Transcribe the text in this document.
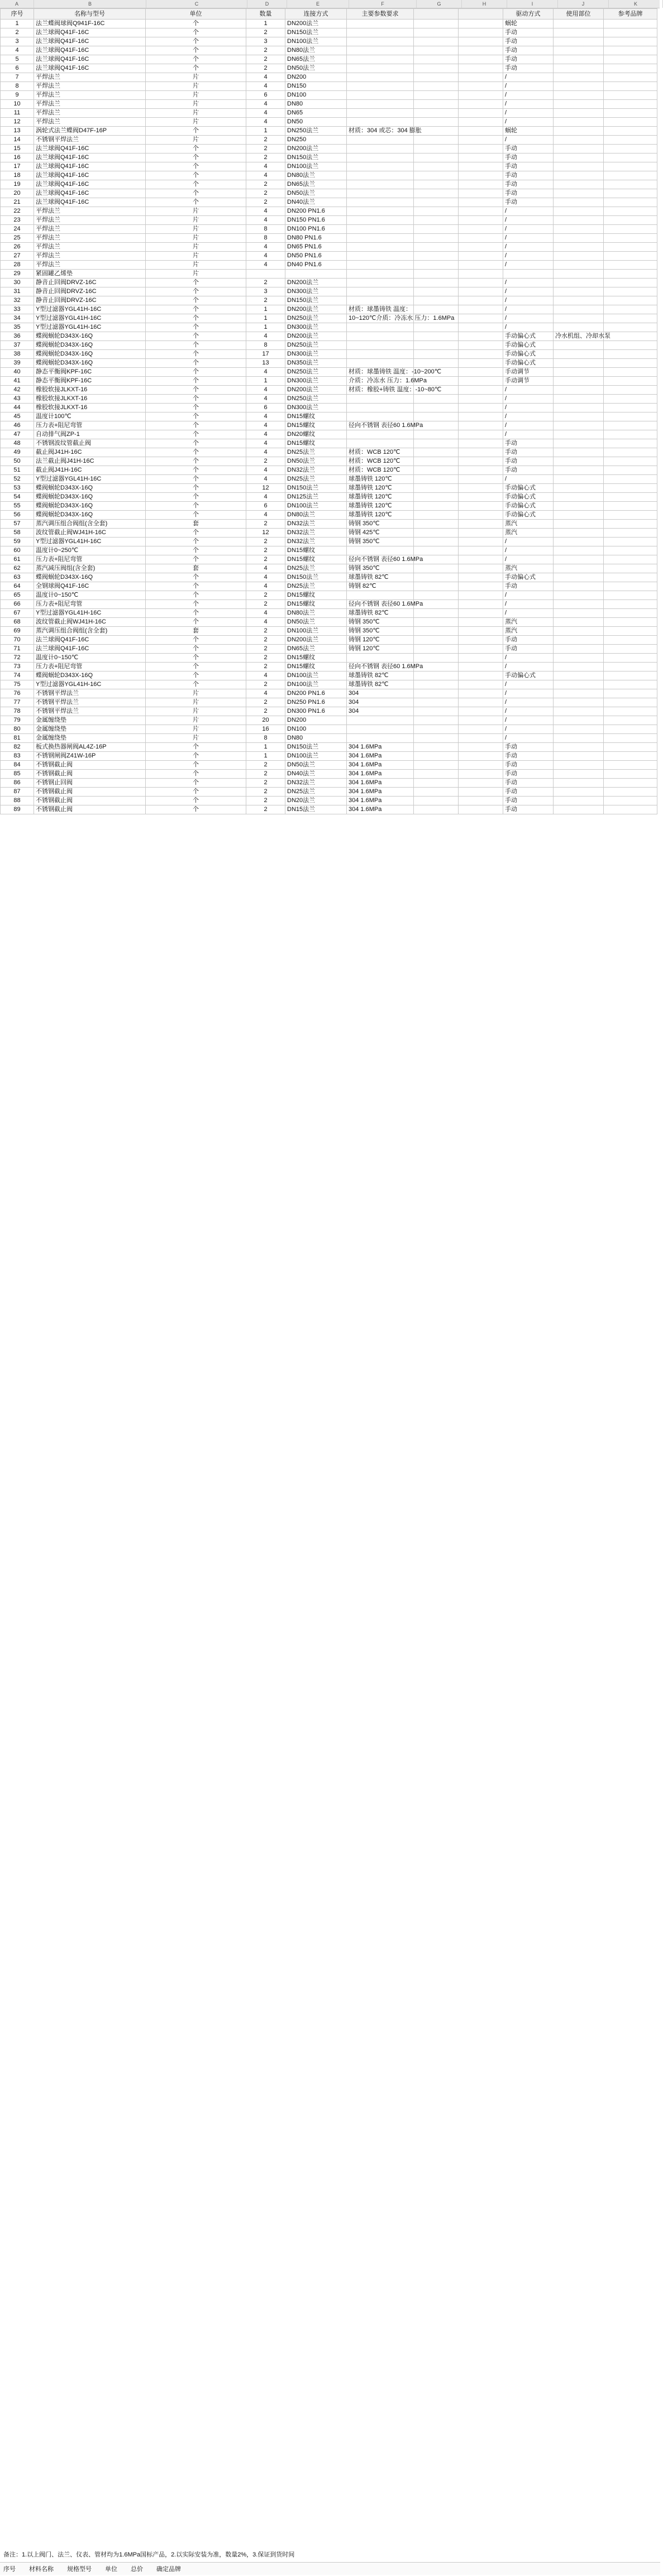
A	B	C	D	E	F	G	H	I	J	K
序号	名称与型号	单位	数量	连接方式	主要参数要求			驱动方式	使用部位	参考品牌
1	法兰蝶阀球阀Q941F-16C	个	1	DN200法兰				蜗轮		
2	法兰球阀Q41F-16C	个	2	DN150法兰				手动		
3	法兰球阀Q41F-16C	个	3	DN100法兰				手动		
4	法兰球阀Q41F-16C	个	2	DN80法兰				手动		
5	法兰球阀Q41F-16C	个	2	DN65法兰				手动		
6	法兰球阀Q41F-16C	个	2	DN50法兰				手动		
7	平焊法兰	片	4	DN200				/		
8	平焊法兰	片	4	DN150				/		
9	平焊法兰	片	6	DN100				/		
10	平焊法兰	片	4	DN80				/		
11	平焊法兰	片	4	DN65				/		
12	平焊法兰	片	4	DN50				/		
13	涡轮式法兰蝶阀D47F-16P	个	1	DN250法兰	材质：304 或芯：304 膨胀			蜗轮		
14	不锈钢平焊法兰	片	2	DN250				/		
15	法兰球阀Q41F-16C	个	2	DN200法兰				手动		
16	法兰球阀Q41F-16C	个	2	DN150法兰				手动		
17	法兰球阀Q41F-16C	个	4	DN100法兰				手动		
18	法兰球阀Q41F-16C	个	4	DN80法兰				手动		
19	法兰球阀Q41F-16C	个	2	DN65法兰				手动		
20	法兰球阀Q41F-16C	个	2	DN50法兰				手动		
21	法兰球阀Q41F-16C	个	2	DN40法兰				手动		
22	平焊法兰	片	4	DN200 PN1.6				/		
23	平焊法兰	片	4	DN150 PN1.6				/		
24	平焊法兰	片	8	DN100 PN1.6				/		
25	平焊法兰	片	8	DN80 PN1.6				/		
26	平焊法兰	片	4	DN65 PN1.6				/		
27	平焊法兰	片	4	DN50 PN1.6				/		
28	平焊法兰	片	4	DN40 PN1.6				/		
29	紧固罐乙烯垫	片								
30	静音止回阀DRVZ-16C	个	2	DN200法兰				/		
31	静音止回阀DRVZ-16C	个	3	DN300法兰				/		
32	静音止回阀DRVZ-16C	个	2	DN150法兰				/		
33	Y型过滤器YGL41H-16C	个	1	DN200法兰	材质：球墨铸铁 温度：			/		
34	Y型过滤器YGL41H-16C	个	1	DN250法兰	10~120℃介质：冷冻水 压力：1.6MPa			/		
35	Y型过滤器YGL41H-16C	个	1	DN300法兰				/		
36	蝶阀蜗轮D343X-16Q	个	4	DN200法兰				手动偏心式	冷水机组、冷却水泵	
37	蝶阀蜗轮D343X-16Q	个	8	DN250法兰				手动偏心式		
38	蝶阀蜗轮D343X-16Q	个	17	DN300法兰				手动偏心式		
39	蝶阀蜗轮D343X-16Q	个	13	DN350法兰				手动偏心式		
40	静态平衡阀KPF-16C	个	4	DN250法兰	材质：球墨铸铁 温度：-10~200℃			手动调节		
41	静态平衡阀KPF-16C	个	1	DN300法兰	介质：冷冻水 压力：1.6MPa			手动调节		
42	橡胶软接JLKXT-16	个	4	DN200法兰	材质：橡胶+铸铁 温度：-10~80℃			/		
43	橡胶软接JLKXT-16	个	4	DN250法兰				/		
44	橡胶软接JLKXT-16	个	6	DN300法兰				/		
45	温度计100℃	个	4	DN15螺纹				/		
46	压力表+阻尼弯管	个	4	DN15螺纹	径向不锈钢 表径60 1.6MPa			/		
47	自动排气阀ZP-1	个	4	DN20螺纹				/		
48	不锈钢波纹管截止阀	个	4	DN15螺纹				手动		
49	截止阀J41H-16C	个	4	DN25法兰	材质：WCB 120℃			手动		
50	法兰截止阀J41H-16C	个	2	DN50法兰	材质：WCB 120℃			手动		
51	截止阀J41H-16C	个	4	DN32法兰	材质：WCB 120℃			手动		
52	Y型过滤器YGL41H-16C	个	4	DN25法兰	球墨铸铁 120℃			/		
53	蝶阀蜗轮D343X-16Q	个	12	DN150法兰	球墨铸铁 120℃			手动偏心式		
54	蝶阀蜗轮D343X-16Q	个	4	DN125法兰	球墨铸铁 120℃			手动偏心式		
55	蝶阀蜗轮D343X-16Q	个	6	DN100法兰	球墨铸铁 120℃			手动偏心式		
56	蝶阀蜗轮D343X-16Q	个	4	DN80法兰	球墨铸铁 120℃			手动偏心式		
57	蒸汽调压组合阀组(含全套)	套	2	DN32法兰	铸钢 350℃			蒸汽		
58	波纹管截止阀WJ41H-16C	个	12	DN32法兰	铸钢 425℃			蒸汽		
59	Y型过滤器YGL41H-16C	个	2	DN32法兰	铸钢 350℃			/		
60	温度计0~250℃	个	2	DN15螺纹				/		
61	压力表+阻尼弯管	个	2	DN15螺纹	径向不锈钢 表径60 1.6MPa			/		
62	蒸汽减压阀组(含全套)	套	4	DN25法兰	铸钢 350℃			蒸汽		
63	蝶阀蜗轮D343X-16Q	个	4	DN150法兰	球墨铸铁 82℃			手动偏心式		
64	全钢球阀Q41F-16C	个	4	DN25法兰	铸钢 82℃			手动		
65	温度计0~150℃	个	2	DN15螺纹				/		
66	压力表+阻尼弯管	个	2	DN15螺纹	径向不锈钢 表径60 1.6MPa			/		
67	Y型过滤器YGL41H-16C	个	4	DN80法兰	球墨铸铁 82℃			/		
68	波纹管截止阀WJ41H-16C	个	4	DN50法兰	铸钢 350℃			蒸汽		
69	蒸汽调压组合阀组(含全套)	套	2	DN100法兰	铸钢 350℃			蒸汽		
70	法兰球阀Q41F-16C	个	2	DN200法兰	铸钢 120℃			手动		
71	法兰球阀Q41F-16C	个	2	DN65法兰	铸钢 120℃			手动		
72	温度计0~150℃	个	2	DN15螺纹				/		
73	压力表+阻尼弯管	个	2	DN15螺纹	径向不锈钢 表径60 1.6MPa			/		
74	蝶阀蜗轮D343X-16Q	个	4	DN100法兰	球墨铸铁 82℃			手动偏心式		
75	Y型过滤器YGL41H-16C	个	2	DN100法兰	球墨铸铁 82℃			/		
76	不锈钢平焊法兰	片	4	DN200 PN1.6	304			/		
77	不锈钢平焊法兰	片	2	DN250 PN1.6	304			/		
78	不锈钢平焊法兰	片	2	DN300 PN1.6	304			/		
79	金属缠绕垫	片	20	DN200				/		
80	金属缠绕垫	片	16	DN100				/		
81	金属缠绕垫	片	8	DN80				/		
82	板式换热器闸阀AL4Z-16P	个	1	DN150法兰	304 1.6MPa			手动		
83	不锈钢闸阀Z41W-16P	个	1	DN100法兰	304 1.6MPa			手动		
84	不锈钢截止阀	个	2	DN50法兰	304 1.6MPa			手动		
85	不锈钢截止阀	个	2	DN40法兰	304 1.6MPa			手动		
86	不锈钢止回阀	个	2	DN32法兰	304 1.6MPa			手动		
87	不锈钢截止阀	个	2	DN25法兰	304 1.6MPa			手动		
88	不锈钢截止阀	个	2	DN20法兰	304 1.6MPa			手动		
89	不锈钢截止阀	个	2	DN15法兰	304 1.6MPa			手动		
备注：1.以上阀门、法兰、仪表、管材均为1.6MPa国标产品，2.以实际安装为准，数量2%，3.保证到货时间
序号 材料名称 规格型号 单位 总价 确定品牌
